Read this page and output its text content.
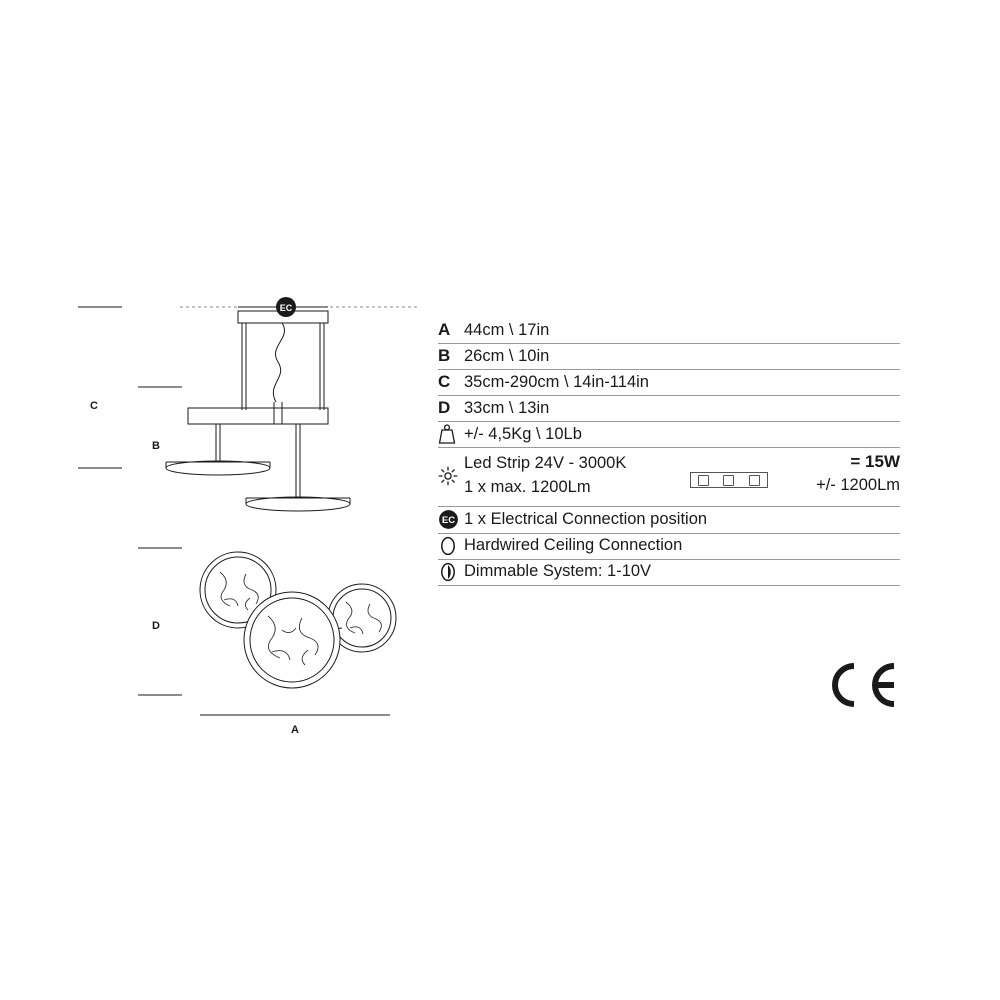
EC
C
B
D
A
A 44cm \ 17in
B 26cm \ 10in
C 35cm-290cm \ 14in-114in
D 33cm \ 13in
+/- 4,5Kg \ 10Lb
Led Strip 24V - 3000K
1 x max. 1200Lm
= 15W
+/- 1200Lm
EC 1 x Electrical Connection position
Hardwired Ceiling Connection
Dimmable System: 1-10V
